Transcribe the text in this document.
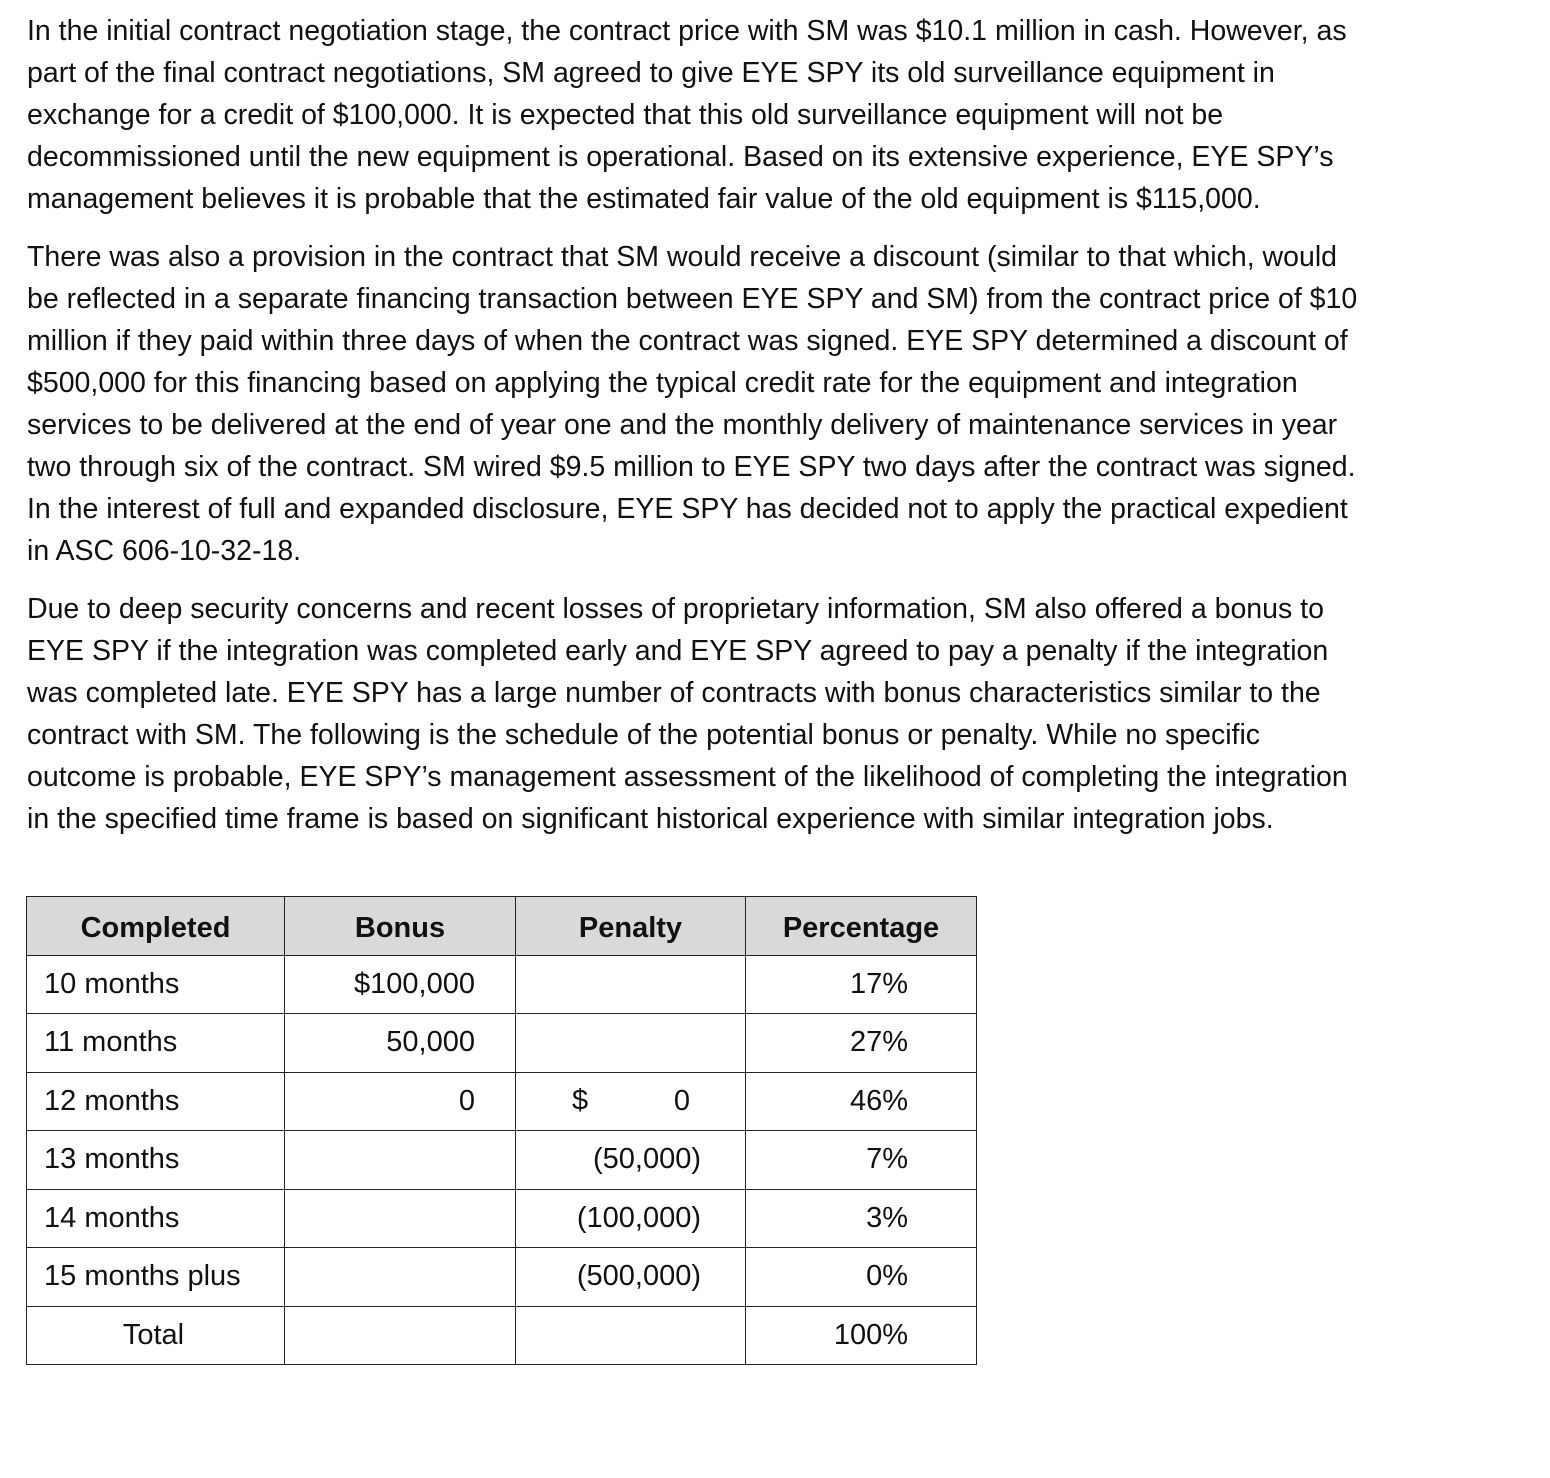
In the initial contract negotiation stage, the contract price with SM was $10.1 million in cash. However, as
part of the final contract negotiations, SM agreed to give EYE SPY its old surveillance equipment in
exchange for a credit of $100,000. It is expected that this old surveillance equipment will not be
decommissioned until the new equipment is operational. Based on its extensive experience, EYE SPY’s
management believes it is probable that the estimated fair value of the old equipment is $115,000.

There was also a provision in the contract that SM would receive a discount (similar to that which, would
be reflected in a separate financing transaction between EYE SPY and SM) from the contract price of $10
million if they paid within three days of when the contract was signed. EYE SPY determined a discount of
$500,000 for this financing based on applying the typical credit rate for the equipment and integration
services to be delivered at the end of year one and the monthly delivery of maintenance services in year
two through six of the contract. SM wired $9.5 million to EYE SPY two days after the contract was signed.
In the interest of full and expanded disclosure, EYE SPY has decided not to apply the practical expedient
in ASC 606-10-32-18.

Due to deep security concerns and recent losses of proprietary information, SM also offered a bonus to
EYE SPY if the integration was completed early and EYE SPY agreed to pay a penalty if the integration
was completed late. EYE SPY has a large number of contracts with bonus characteristics similar to the
contract with SM. The following is the schedule of the potential bonus or penalty. While no specific
outcome is probable, EYE SPY’s management assessment of the likelihood of completing the integration
in the specified time frame is based on significant historical experience with similar integration jobs.

Completed	Bonus	Penalty	Percentage
10 months	$100,000		17%
11 months	50,000		27%
12 months	0	$ 0	46%
13 months		(50,000)	7%
14 months		(100,000)	3%
15 months plus		(500,000)	0%
Total			100%
